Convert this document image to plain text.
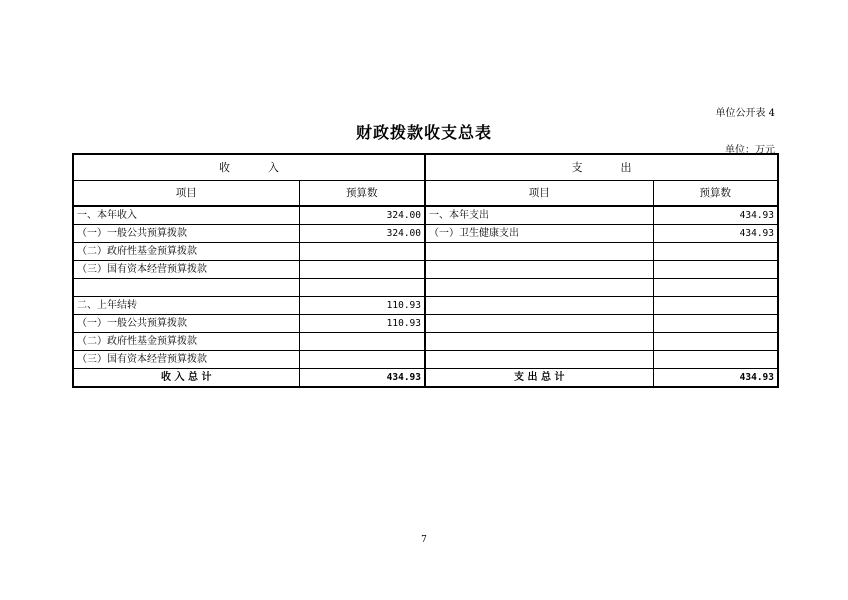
单位公开表 4
财政拨款收支总表
单位：万元
收入		支出	
项目	预算数	项目	预算数
一、本年收入	324.00	一、本年支出	434.93
（一）一般公共预算拨款	324.00	（一）卫生健康支出	434.93
（二）政府性基金预算拨款			
（三）国有资本经营预算拨款			

二、上年结转	110.93		
（一）一般公共预算拨款	110.93		
（二）政府性基金预算拨款			
（三）国有资本经营预算拨款			
收 入 总 计	434.93	支 出 总 计	434.93
7
